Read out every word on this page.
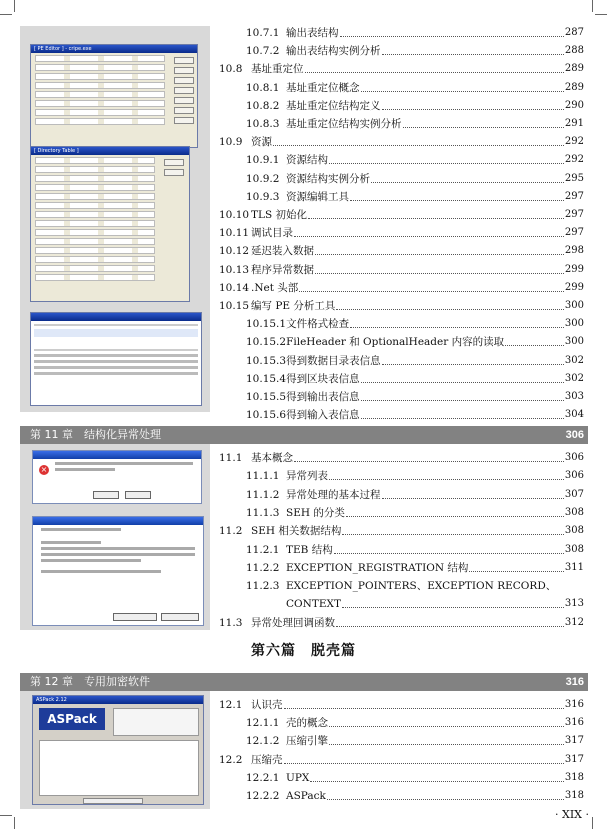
[ PE Editor ] - cripe.exe
[ Directory Table ]
10.7.1 输出表结构	287
10.7.2 输出表结构实例分析	288
10.8 基址重定位	289
10.8.1 基址重定位概念	289
10.8.2 基址重定位结构定义	290
10.8.3 基址重定位结构实例分析	291
10.9 资源	292
10.9.1 资源结构	292
10.9.2 资源结构实例分析	295
10.9.3 资源编辑工具	297
10.10 TLS 初始化	297
10.11 调试目录	297
10.12 延迟装入数据	298
10.13 程序异常数据	299
10.14 .Net 头部	299
10.15 编写 PE 分析工具	300
10.15.1 文件格式检查	300
10.15.2 FileHeader 和 OptionalHeader 内容的读取	300
10.15.3 得到数据目录表信息	302
10.15.4 得到区块表信息	302
10.15.5 得到输出表信息	303
10.15.6 得到输入表信息	304
第 11 章　结构化异常处理	306
×
11.1 基本概念	306
11.1.1 异常列表	306
11.1.2 异常处理的基本过程	307
11.1.3 SEH 的分类	308
11.2 SEH 相关数据结构	308
11.2.1 TEB 结构	308
11.2.2 EXCEPTION_REGISTRATION 结构	311
11.2.3 EXCEPTION_POINTERS、EXCEPTION RECORD、
CONTEXT	313
11.3 异常处理回调函数	312
第六篇　脱壳篇
第 12 章　专用加密软件	316
ASPack 2.12
ASPack
12.1 认识壳	316
12.1.1 壳的概念	316
12.1.2 压缩引擎	317
12.2 压缩壳	317
12.2.1 UPX	318
12.2.2 ASPack	318
· XIX ·
